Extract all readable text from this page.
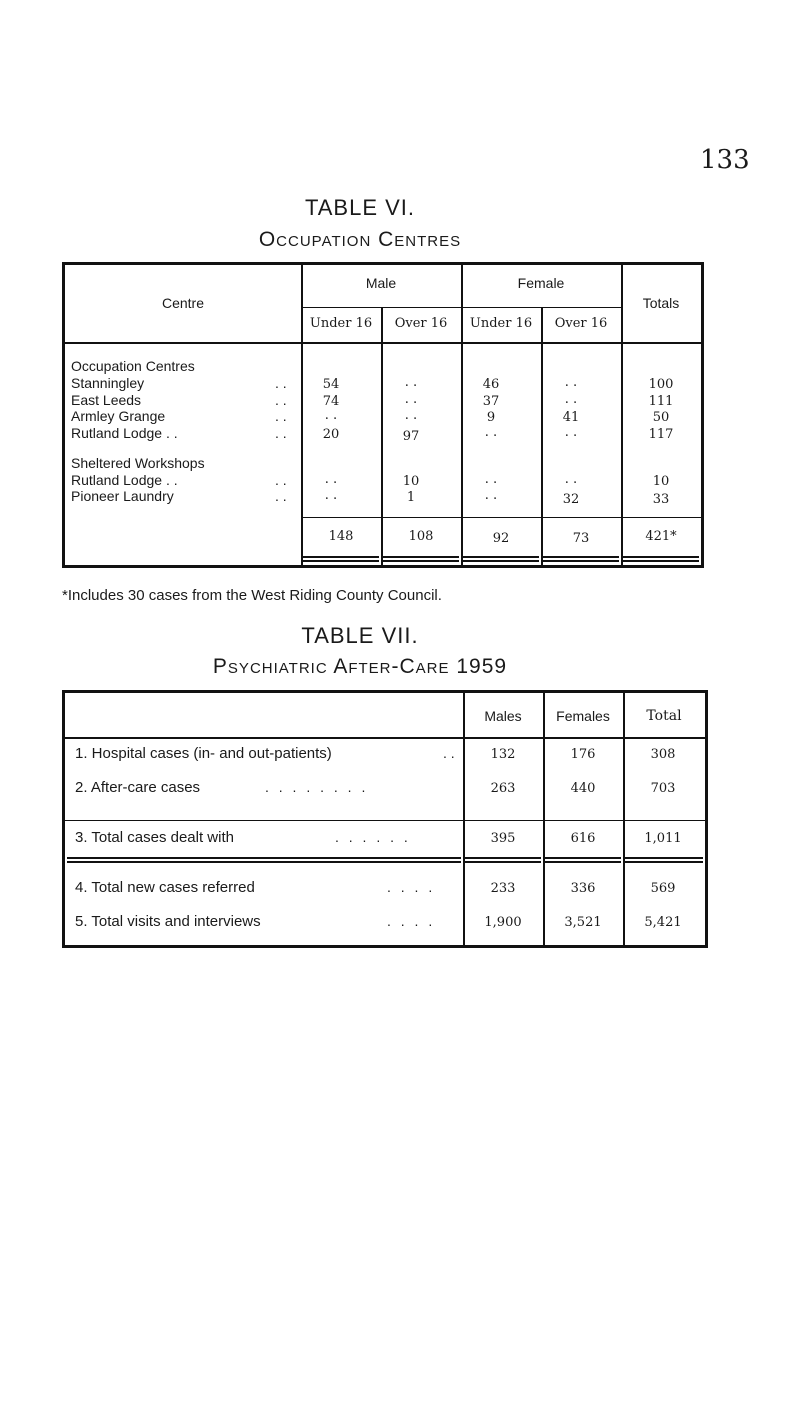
133
TABLE VI.
Occupation Centres
Centre
Male	Female
Totals
Under 16	Over 16	Under 16	Over 16
Occupation Centres
Sheltered Workshops
Stanningley	. .	54	. .	46	. .	100
East Leeds	. .	74	. .	37	. .	111
Armley Grange	. .	. .	. .	9	41	50
Rutland Lodge . .	. .	20	97	. .	. .	117
Rutland Lodge . .	. .	. .	10	. .	. .	10
Pioneer Laundry	. .	. .	1	. .	32	33
148	108	92	73	421*
*Includes 30 cases from the West Riding County Council.
TABLE VII.
Psychiatric After-Care 1959
Males	Females	Total
1. Hospital cases (in- and out-patients)	. .	132	176	308
2. After-care cases	. . . . . . . .	263	440	703
3. Total cases dealt with	. . . . . .	395	616	1,011
4. Total new cases referred	. . . .	233	336	569
5. Total visits and interviews	. . . .	1,900	3,521	5,421
